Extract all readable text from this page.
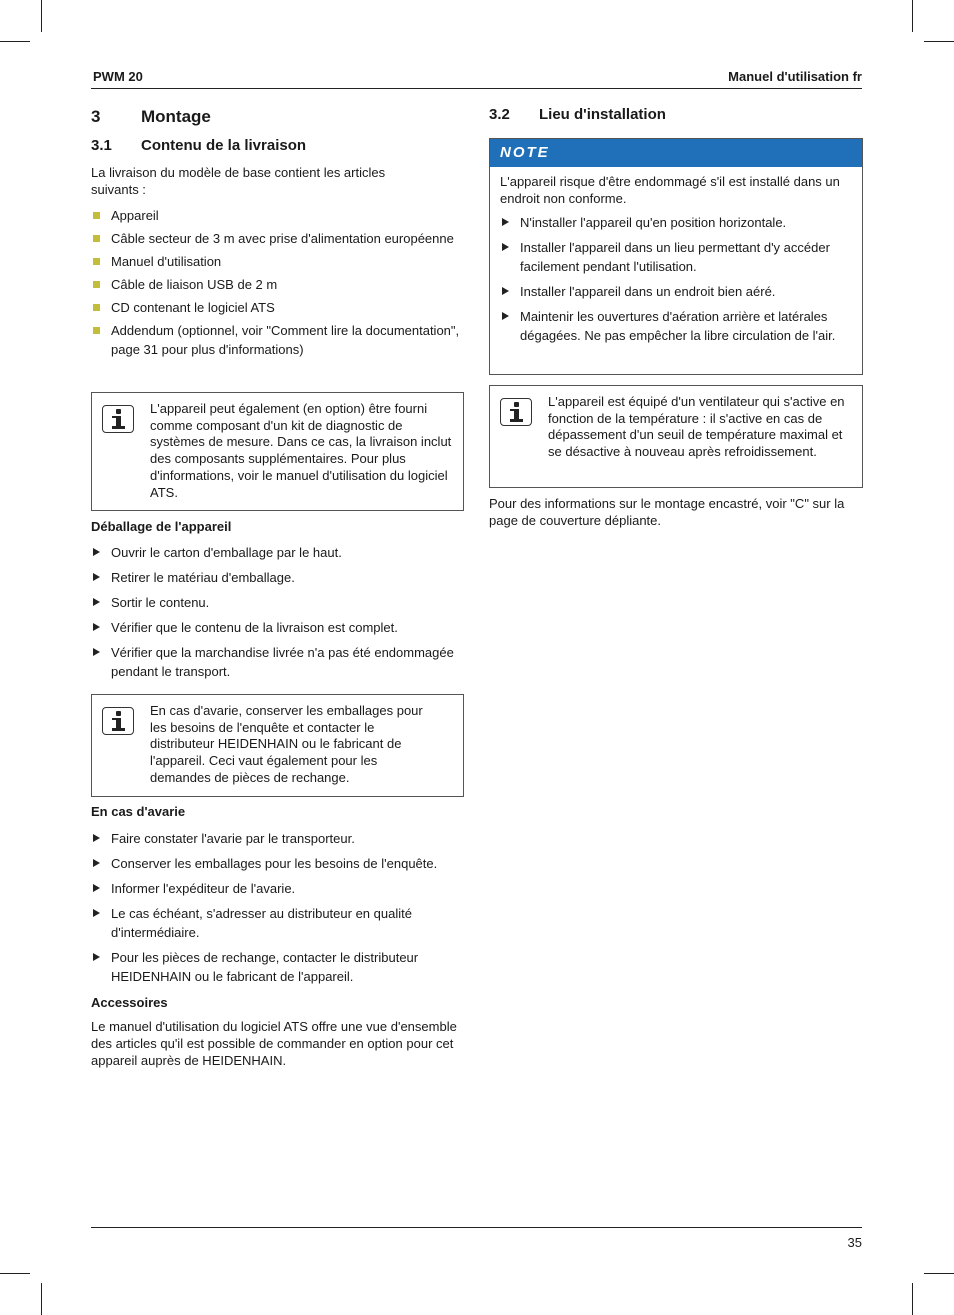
PWM 20	Manuel d'utilisation fr
3 Montage
3.1 Contenu de la livraison
La livraison du modèle de base contient les articles suivants :
Appareil
Câble secteur de 3 m avec prise d'alimentation européenne
Manuel d'utilisation
Câble de liaison USB de 2 m
CD contenant le logiciel ATS
Addendum (optionnel, voir "Comment lire la documentation", page 31 pour plus d'informations)
L'appareil peut également (en option) être fourni comme composant d'un kit de diagnostic de systèmes de mesure. Dans ce cas, la livraison inclut des composants supplémentaires. Pour plus d'informations, voir le manuel d'utilisation du logiciel ATS.
Déballage de l'appareil
Ouvrir le carton d'emballage par le haut.
Retirer le matériau d'emballage.
Sortir le contenu.
Vérifier que le contenu de la livraison est complet.
Vérifier que la marchandise livrée n'a pas été endommagée pendant le transport.
En cas d'avarie, conserver les emballages pour les besoins de l'enquête et contacter le distributeur HEIDENHAIN ou le fabricant de l'appareil. Ceci vaut également pour les demandes de pièces de rechange.
En cas d'avarie
Faire constater l'avarie par le transporteur.
Conserver les emballages pour les besoins de l'enquête.
Informer l'expéditeur de l'avarie.
Le cas échéant, s'adresser au distributeur en qualité d'intermédiaire.
Pour les pièces de rechange, contacter le distributeur HEIDENHAIN ou le fabricant de l'appareil.
Accessoires
Le manuel d'utilisation du logiciel ATS offre une vue d'ensemble des articles qu'il est possible de commander en option pour cet appareil auprès de HEIDENHAIN.
3.2 Lieu d'installation
NOTE
L'appareil risque d'être endommagé s'il est installé dans un endroit non conforme.
N'installer l'appareil qu'en position horizontale.
Installer l'appareil dans un lieu permettant d'y accéder facilement pendant l'utilisation.
Installer l'appareil dans un endroit bien aéré.
Maintenir les ouvertures d'aération arrière et latérales dégagées. Ne pas empêcher la libre circulation de l'air.
L'appareil est équipé d'un ventilateur qui s'active en fonction de la température : il s'active en cas de dépassement d'un seuil de température maximal et se désactive à nouveau après refroidissement.
Pour des informations sur le montage encastré, voir "C" sur la page de couverture dépliante.
35
